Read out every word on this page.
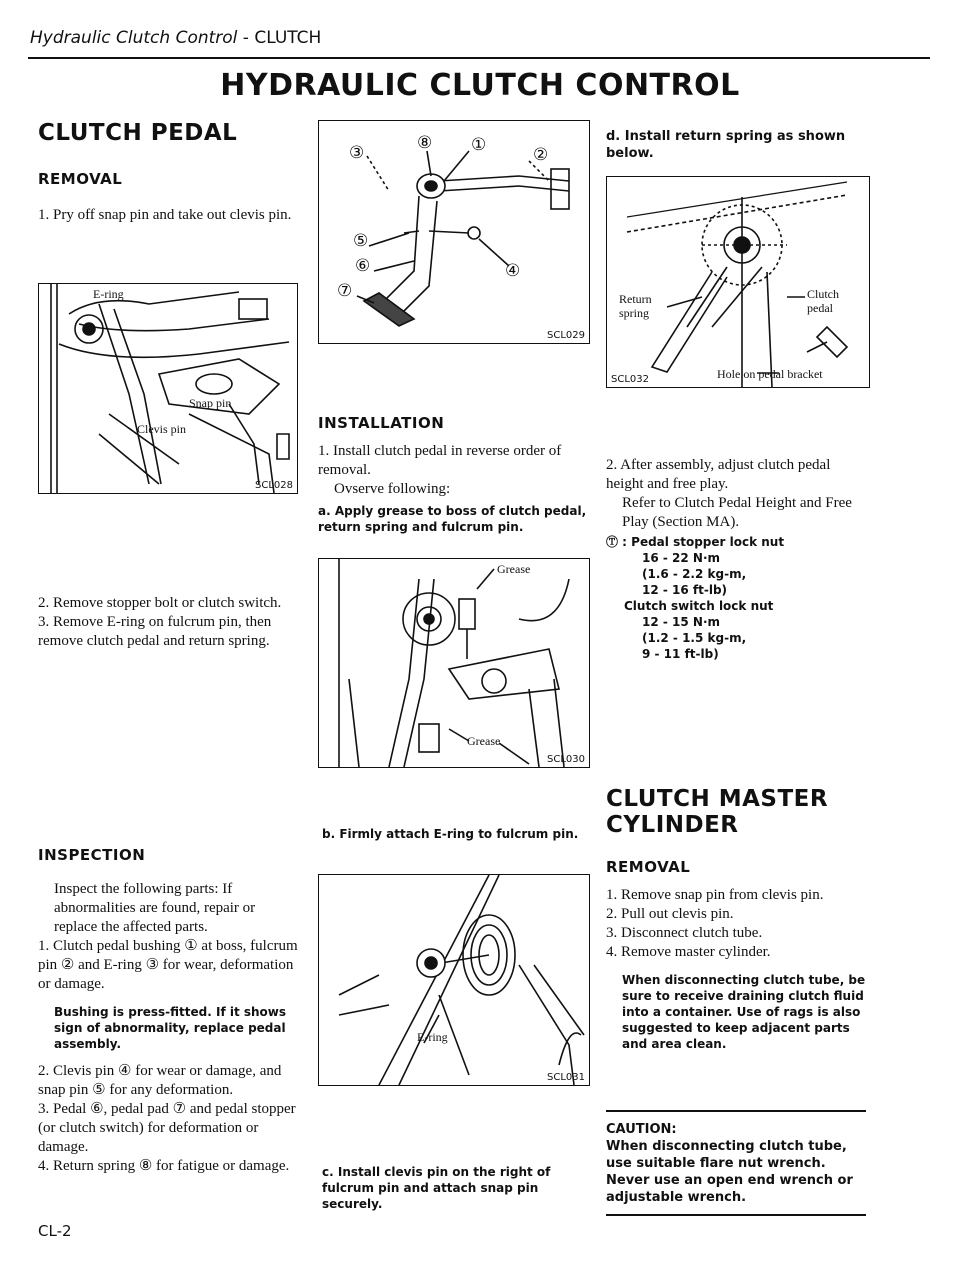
Hydraulic Clutch Control - CLUTCH
HYDRAULIC CLUTCH CONTROL
CLUTCH PEDAL
REMOVAL
1. Pry off snap pin and take out clevis pin.
E-ring
Snap pin
Clevis pin
SCL028
2. Remove stopper bolt or clutch switch.
3. Remove E-ring on fulcrum pin, then remove clutch pedal and return spring.
INSPECTION
Inspect the following parts: If abnormalities are found, repair or replace the affected parts.
1. Clutch pedal bushing ① at boss, fulcrum pin ② and E-ring ③ for wear, deformation or damage.
Bushing is press-fitted. If it shows sign of abnormality, replace pedal assembly.
2. Clevis pin ④ for wear or damage, and snap pin ⑤ for any deformation.
3. Pedal ⑥, pedal pad ⑦ and pedal stopper (or clutch switch) for deformation or damage.
4. Return spring ⑧ for fatigue or damage.
CL-2
③
⑧ ①
②
⑤
⑥	④
⑦
SCL029
INSTALLATION
1. Install clutch pedal in reverse order of removal.
Ovserve following:
a. Apply grease to boss of clutch pedal, return spring and fulcrum pin.
Grease
Grease
SCL030
b. Firmly attach E-ring to fulcrum pin.
E-ring
SCL031
c. Install clevis pin on the right of fulcrum pin and attach snap pin securely.
d. Install return spring as shown below.
Return spring
Clutch pedal
Hole on pedal bracket
SCL032
2. After assembly, adjust clutch pedal height and free play.
Refer to Clutch Pedal Height and Free Play (Section MA).
Ⓣ : Pedal stopper lock nut
16 - 22 N·m
(1.6 - 2.2 kg-m,
12 - 16 ft-lb)
Clutch switch lock nut
12 - 15 N·m
(1.2 - 1.5 kg-m,
9 - 11 ft-lb)
CLUTCH MASTER
CYLINDER
REMOVAL
1. Remove snap pin from clevis pin.
2. Pull out clevis pin.
3. Disconnect clutch tube.
4. Remove master cylinder.
When disconnecting clutch tube, be sure to receive draining clutch fluid into a container. Use of rags is also suggested to keep adjacent parts and area clean.
CAUTION:
When disconnecting clutch tube, use suitable flare nut wrench. Never use an open end wrench or adjustable wrench.
